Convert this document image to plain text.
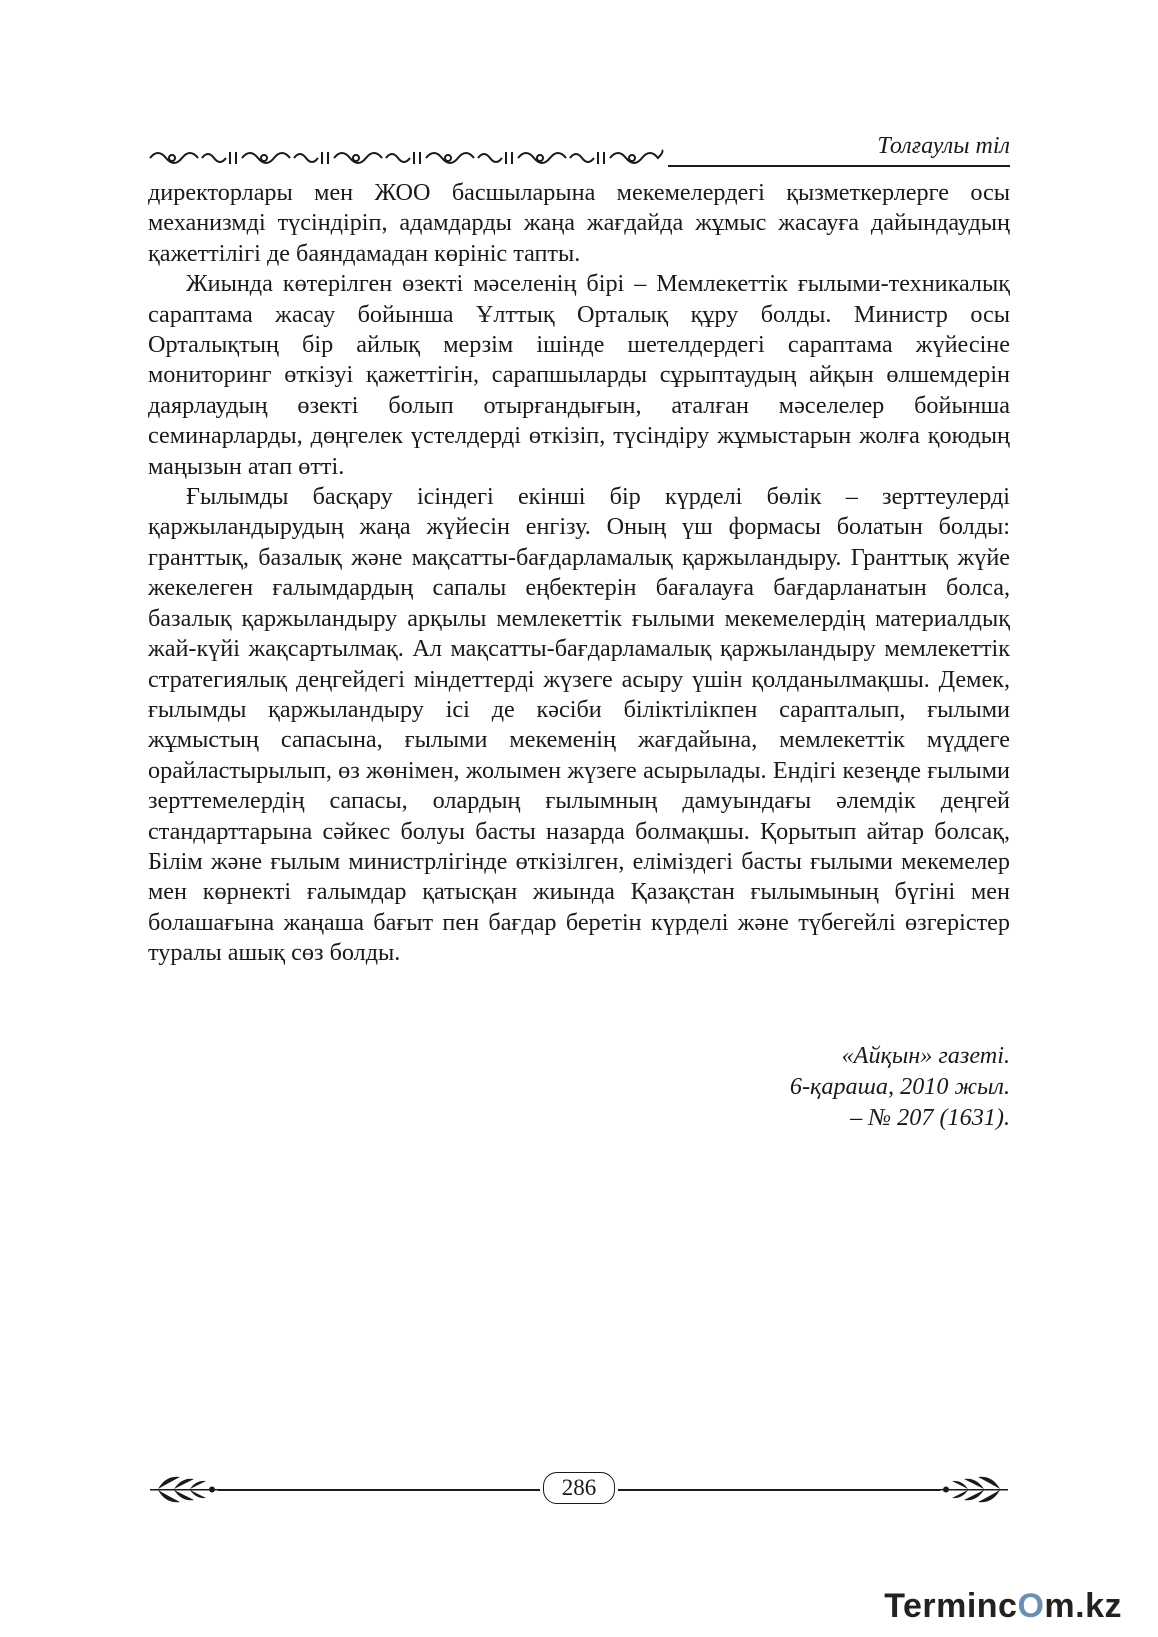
Толғаулы тіл

директорлары мен ЖОО басшыларына мекемелердегі қызметкерлерге осы механизмді түсіндіріп, адамдарды жаңа жағдайда жұмыс жасауға дайындаудың қажеттілігі де баяндамадан көрініс тапты.

Жиында көтерілген өзекті мәселенің бірі – Мемлекеттік ғылыми-техникалық сараптама жасау бойынша Ұлттық Орталық құру болды. Министр осы Орталықтың бір айлық мерзім ішінде шетелдердегі сараптама жүйесіне мониторинг өткізуі қажеттігін, сарапшыларды сұрыптаудың айқын өлшемдерін даярлаудың өзекті болып отырғандығын, аталған мәселелер бойынша семинарларды, дөңгелек үстелдерді өткізіп, түсіндіру жұмыстарын жолға қоюдың маңызын атап өтті.

Ғылымды басқару ісіндегі екінші бір күрделі бөлік – зерттеулерді қаржыландырудың жаңа жүйесін енгізу. Оның үш формасы болатын болды: гранттық, базалық және мақсатты-бағдарламалық қаржыландыру. Гранттық жүйе жекелеген ғалымдардың сапалы еңбектерін бағалауға бағдарланатын болса, базалық қаржыландыру арқылы мемлекеттік ғылыми мекемелердің материалдық жай-күйі жақсартылмақ. Ал мақсатты-бағдарламалық қаржыландыру мемлекеттік стратегиялық деңгейдегі міндеттерді жүзеге асыру үшін қолданылмақшы. Демек, ғылымды қаржыландыру ісі де кәсіби біліктілікпен сарапталып, ғылыми жұмыстың сапасына, ғылыми мекеменің жағдайына, мемлекеттік мүддеге орайластырылып, өз жөнімен, жолымен жүзеге асырылады. Ендігі кезеңде ғылыми зерттемелердің сапасы, олардың ғылымның дамуындағы әлемдік деңгей стандарттарына сәйкес болуы басты назарда болмақшы. Қорытып айтар болсақ, Білім және ғылым министрлігінде өткізілген, еліміздегі басты ғылыми мекемелер мен көрнекті ғалымдар қатысқан жиында Қазақстан ғылымының бүгіні мен болашағына жаңаша бағыт пен бағдар беретін күрделі және түбегейлі өзгерістер туралы ашық сөз болды.

«Айқын» газеті.
6-қараша, 2010 жыл.
– № 207 (1631).
286
TermincOm.kz
